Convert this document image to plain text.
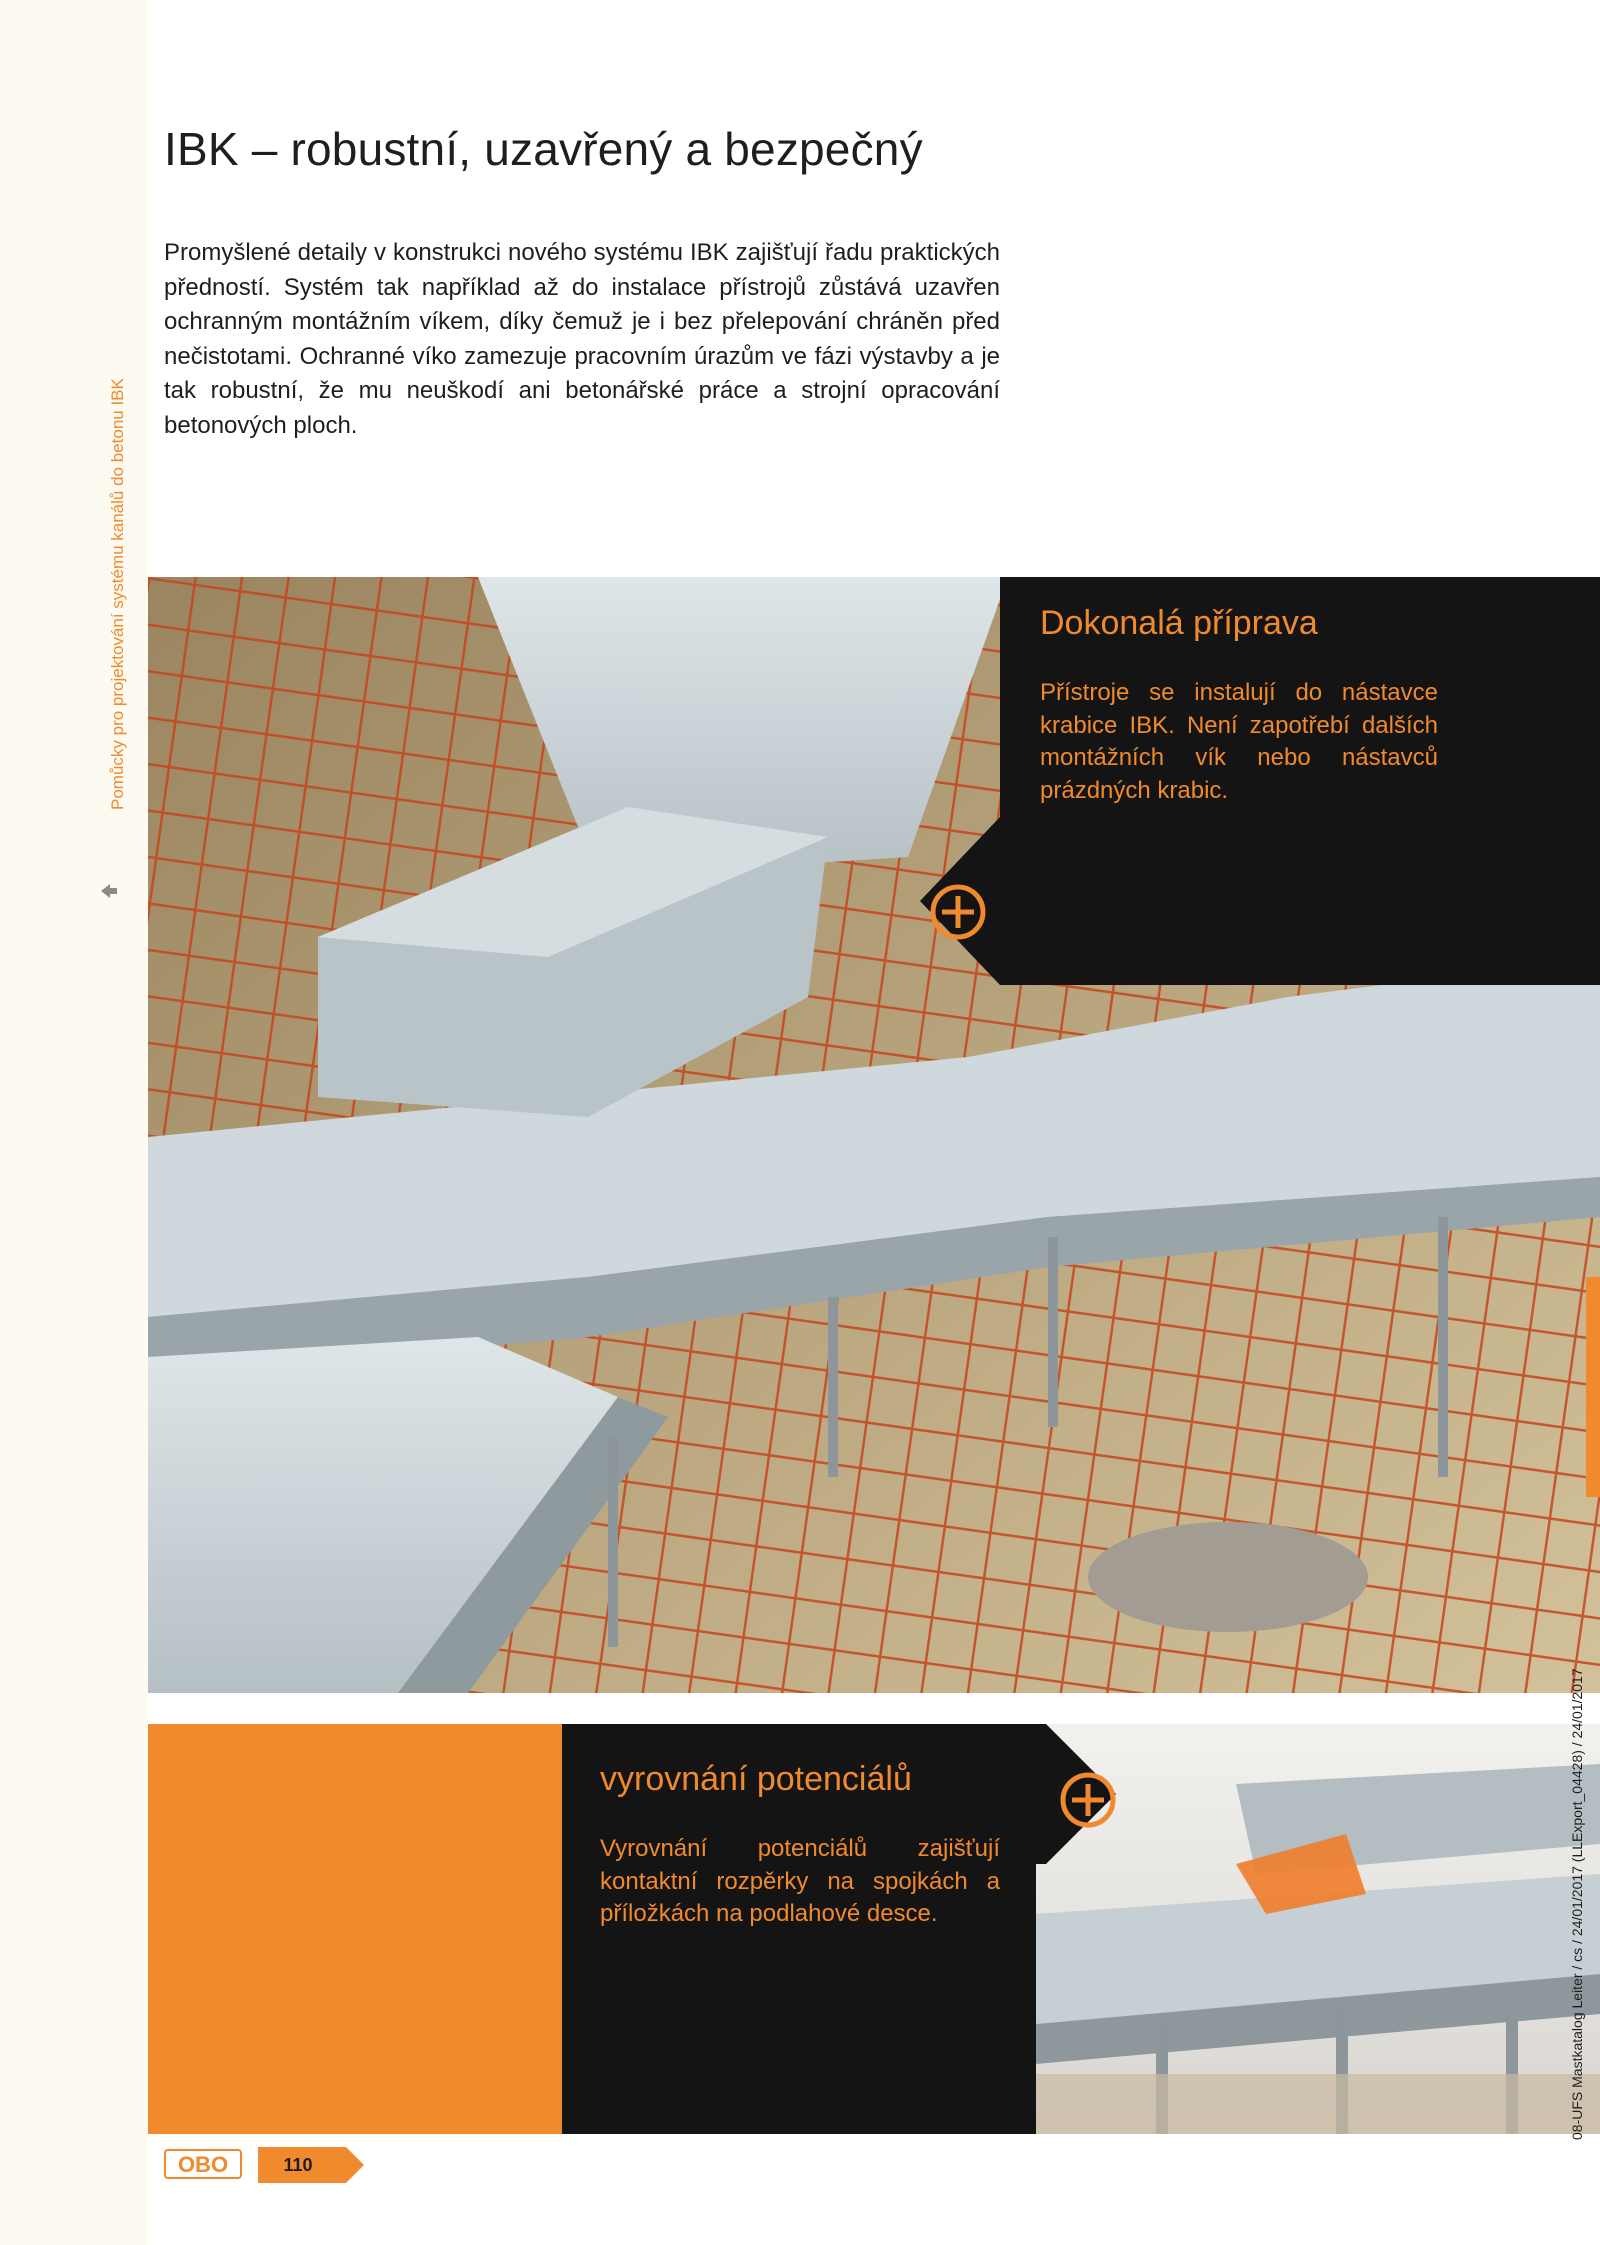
Pomůcky pro projektování systému kanálů do betonu IBK
IBK – robustní, uzavřený a bezpečný

Promyšlené detaily v konstrukci nového systému IBK zajišťují řadu praktických předností. Systém tak například až do instalace přístrojů zůstává uzavřen ochranným montážním víkem, díky čemuž je i bez přelepování chráněn před nečistotami. Ochranné víko zamezuje pracovním úrazům ve fázi výstavby a je tak robustní, že mu neuškodí ani betonářské práce a strojní opracování betonových ploch.

Dokonalá příprava

Přístroje se instalují do nástavce krabice IBK. Není zapotřebí dalších montážních vík nebo nástavců prázdných krabic.

vyrovnání potenciálů

Vyrovnání potenciálů zajišťují kontaktní rozpěrky na spojkách a příložkách na podlahové desce.

OBO	110
08-UFS Mastkatalog Leiter / cs / 24/01/2017 (LLExport_04428) / 24/01/2017
